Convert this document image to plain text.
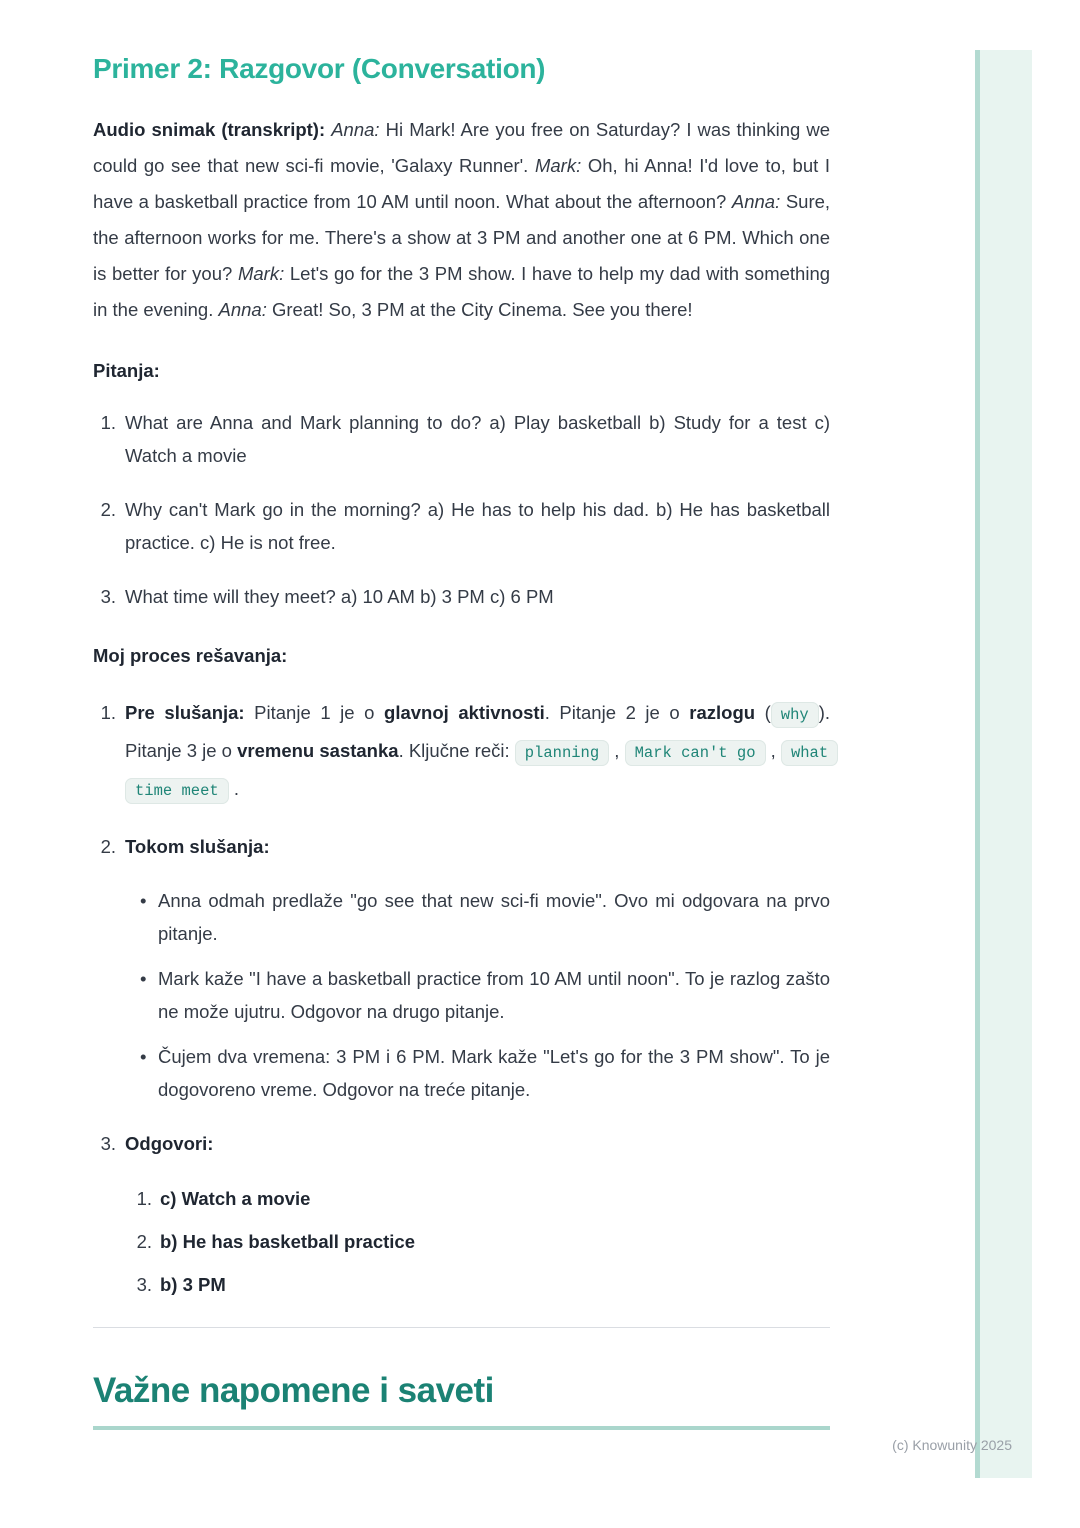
Primer 2: Razgovor (Conversation)

Audio snimak (transkript): Anna: Hi Mark! Are you free on Saturday? I was thinking we could go see that new sci-fi movie, 'Galaxy Runner'. Mark: Oh, hi Anna! I'd love to, but I have a basketball practice from 10 AM until noon. What about the afternoon? Anna: Sure, the afternoon works for me. There's a show at 3 PM and another one at 6 PM. Which one is better for you? Mark: Let's go for the 3 PM show. I have to help my dad with something in the evening. Anna: Great! So, 3 PM at the City Cinema. See you there!

Pitanja:

What are Anna and Mark planning to do? a) Play basketball b) Study for a test c) Watch a movie
Why can't Mark go in the morning? a) He has to help his dad. b) He has basketball practice. c) He is not free.
What time will they meet? a) 10 AM b) 3 PM c) 6 PM

Moj proces rešavanja:

Pre slušanja: Pitanje 1 je o glavnoj aktivnosti. Pitanje 2 je o razlogu ( why ). Pitanje 3 je o vremenu sastanka. Ključne reči: planning , Mark can't go , what time meet .
Tokom slušanja:
• Anna odmah predlaže "go see that new sci-fi movie". Ovo mi odgovara na prvo pitanje.
• Mark kaže "I have a basketball practice from 10 AM until noon". To je razlog zašto ne može ujutru. Odgovor na drugo pitanje.
• Čujem dva vremena: 3 PM i 6 PM. Mark kaže "Let's go for the 3 PM show". To je dogovoreno vreme. Odgovor na treće pitanje.
Odgovori:
c) Watch a movie
b) He has basketball practice
b) 3 PM
Važne napomene i saveti
(c) Knowunity 2025
